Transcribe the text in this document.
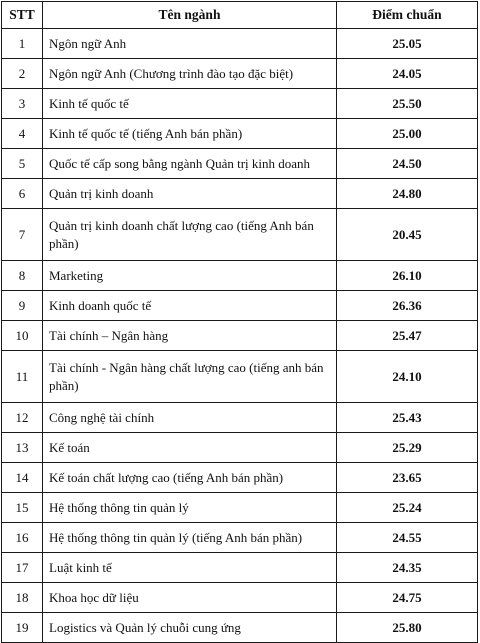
STT	Tên ngành	Điểm chuẩn
1	Ngôn ngữ Anh	25.05
2	Ngôn ngữ Anh (Chương trình đào tạo đặc biệt)	24.05
3	Kinh tế quốc tế	25.50
4	Kinh tế quốc tế (tiếng Anh bán phần)	25.00
5	Quốc tế cấp song bằng ngành Quản trị kinh doanh	24.50
6	Quản trị kinh doanh	24.80
7	Quản trị kinh doanh chất lượng cao (tiếng Anh bán phần)	20.45
8	Marketing	26.10
9	Kinh doanh quốc tế	26.36
10	Tài chính – Ngân hàng	25.47
11	Tài chính - Ngân hàng chất lượng cao (tiếng anh bán phần)	24.10
12	Công nghệ tài chính	25.43
13	Kế toán	25.29
14	Kế toán chất lượng cao (tiếng Anh bán phần)	23.65
15	Hệ thống thông tin quản lý	25.24
16	Hệ thống thông tin quản lý (tiếng Anh bán phần)	24.55
17	Luật kinh tế	24.35
18	Khoa học dữ liệu	24.75
19	Logistics và Quản lý chuỗi cung ứng	25.80
